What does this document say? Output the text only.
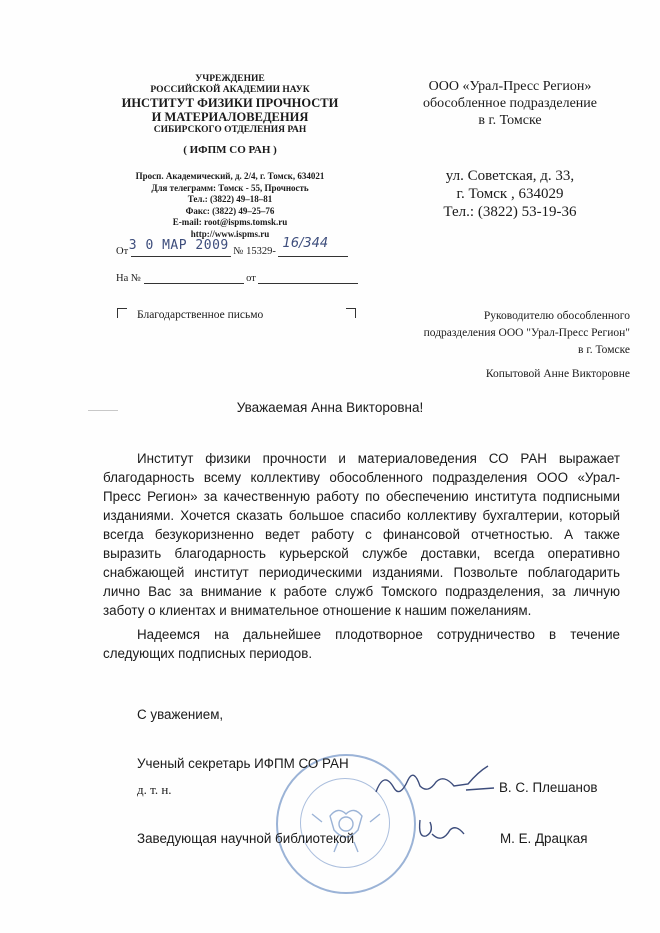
УЧРЕЖДЕНИЕ
РОССИЙСКОЙ АКАДЕМИИ НАУК
ИНСТИТУТ ФИЗИКИ ПРОЧНОСТИ
И МАТЕРИАЛОВЕДЕНИЯ
СИБИРСКОГО ОТДЕЛЕНИЯ РАН
( ИФПМ СО РАН )
Просп. Академический, д. 2/4, г. Томск, 634021
Для телеграмм: Томск - 55, Прочность
Тел.: (3822) 49–18–81
Факс: (3822) 49–25–76
E-mail: root@ispms.tomsk.ru
http://www.ispms.ru
От 3 0 MAP 2009 № 15329-
16/344
На №	от
ООО «Урал-Пресс Регион»
обособленное подразделение
в г. Томске
ул. Советская, д. 33,
г. Томск , 634029
Тел.: (3822) 53-19-36
Благодарственное письмо	Руководителю обособленного
подразделения ООО "Урал-Пресс Регион"
в г. Томске
Копытовой Анне Викторовне
Уважаемая Анна Викторовна!

Институт физики прочности и материаловедения СО РАН выражает благодарность всему коллективу обособленного подразделения ООО «Урал-Пресс Регион» за качественную работу по обеспечению института подписными изданиями. Хочется сказать большое спасибо коллективу бухгалтерии, который всегда безукоризненно ведет работу с финансовой отчетностью. А также выразить благодарность курьерской службе доставки, всегда оперативно снабжающей институт периодическими изданиями. Позвольте поблагодарить лично Вас за внимание к работе служб Томского подразделения, за личную заботу о клиентах и внимательное отношение к нашим пожеланиям.

Надеемся на дальнейшее плодотворное сотрудничество в течение следующих подписных периодов.

С уважением,
Ученый секретарь ИФПМ СО РАН
д. т. н.	В. С. Плешанов
Заведующая научной библиотекой	М. Е. Драцкая
